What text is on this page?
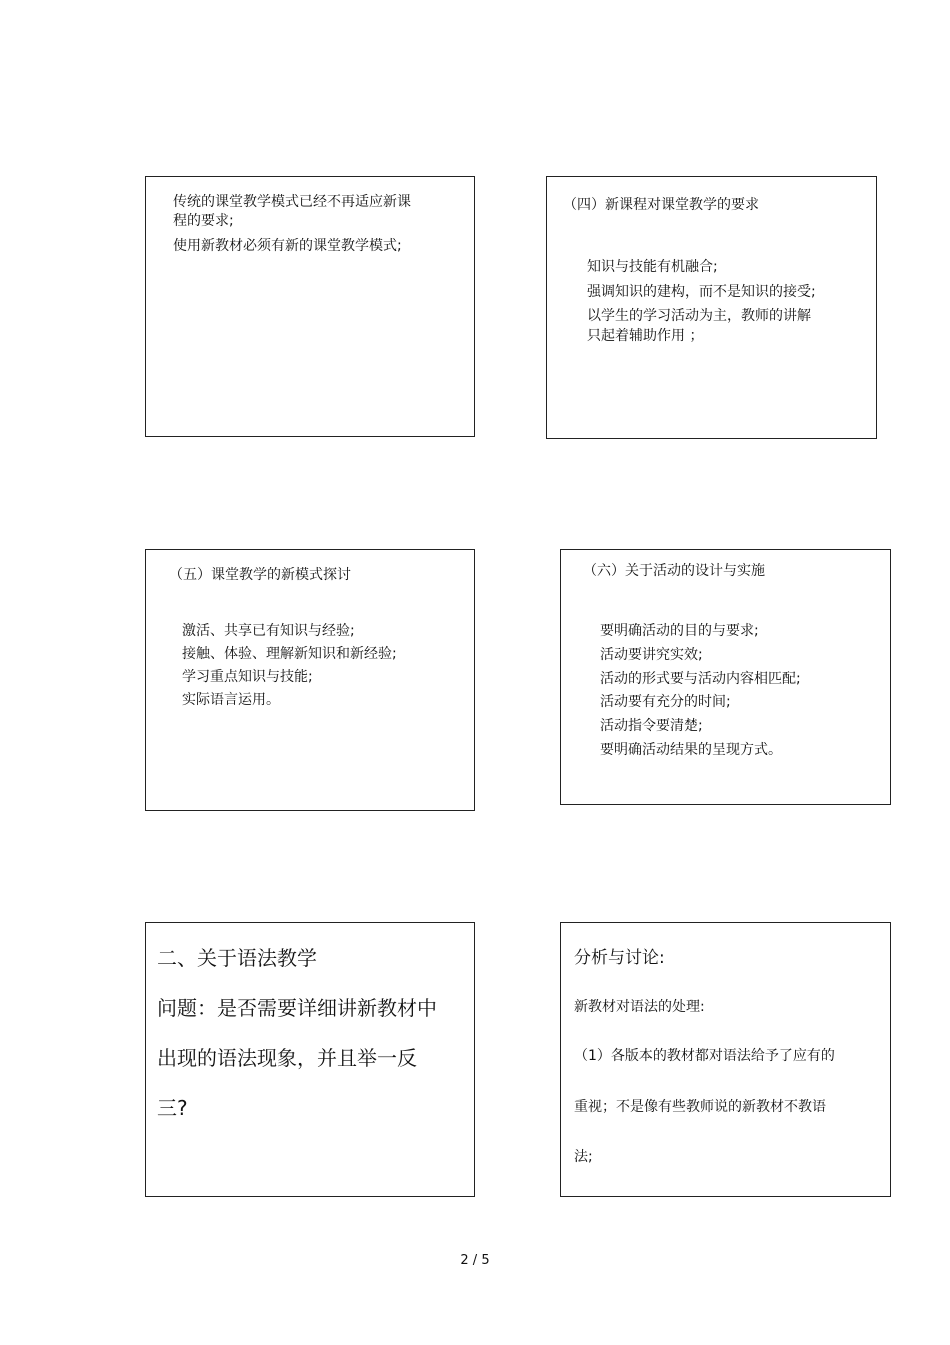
传统的课堂教学模式已经不再适应新课
程的要求;
使用新教材必须有新的课堂教学模式;
（四）新课程对课堂教学的要求
知识与技能有机融合;
强调知识的建构，而不是知识的接受;
以学生的学习活动为主，教师的讲解
只起着辅助作用 ；
（五）课堂教学的新模式探讨
激活、共享已有知识与经验;
接触、体验、理解新知识和新经验;
学习重点知识与技能;
实际语言运用。
（六）关于活动的设计与实施
要明确活动的目的与要求;
活动要讲究实效;
活动的形式要与活动内容相匹配;
活动要有充分的时间;
活动指令要清楚;
要明确活动结果的呈现方式。
二、关于语法教学
问题：是否需要详细讲新教材中
出现的语法现象，并且举一反
三?
分析与讨论:
新教材对语法的处理:
（1）各版本的教材都对语法给予了应有的
重视；不是像有些教师说的新教材不教语
法;
2 / 5
